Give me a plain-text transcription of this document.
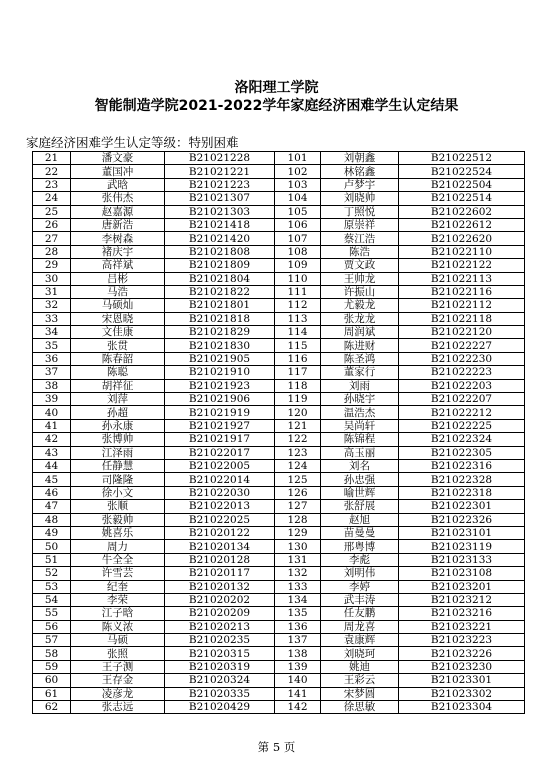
洛阳理工学院
智能制造学院2021-2022学年家庭经济困难学生认定结果
家庭经济困难学生认定等级：特别困难
21	潘文豪	B21021228	101	刘朝鑫	B21022512
22	董国冲	B21021221	102	林铭鑫	B21022524
23	武晗	B21021223	103	卢梦宇	B21022504
24	张伟杰	B21021307	104	刘晓帅	B21022514
25	赵嘉源	B21021303	105	丁照悦	B21022602
26	唐新浩	B21021418	106	原崇祥	B21022612
27	李树森	B21021420	107	蔡江浩	B21022620
28	褚庆宇	B21021808	108	陈浩	B21022110
29	高祥斌	B21021809	109	贾文政	B21022122
30	吕彬	B21021804	110	王帅龙	B21022113
31	马浩	B21021822	111	许振山	B21022116
32	马硕灿	B21021801	112	尤毅龙	B21022112
33	宋恩晓	B21021818	113	张龙龙	B21022118
34	文佳康	B21021829	114	周润斌	B21022120
35	张贯	B21021830	115	陈进财	B21022227
36	陈春韶	B21021905	116	陈圣鸿	B21022230
37	陈聪	B21021910	117	董家行	B21022223
38	胡祥征	B21021923	118	刘雨	B21022203
39	刘萍	B21021906	119	孙晓宇	B21022207
40	孙超	B21021919	120	温浩杰	B21022212
41	孙永康	B21021927	121	吴尚轩	B21022225
42	张博帅	B21021917	122	陈锦程	B21022324
43	江泽雨	B21022017	123	高玉丽	B21022305
44	任静慧	B21022005	124	刘名	B21022316
45	司隆隆	B21022014	125	孙忠强	B21022328
46	徐小文	B21022030	126	喻世辉	B21022318
47	张顺	B21022013	127	张舒展	B21022301
48	张毅帅	B21022025	128	赵旭	B21022326
49	姚喜乐	B21020122	129	苗曼曼	B21023101
50	周力	B21020134	130	邢粤博	B21023119
51	牛全全	B21020128	131	李彪	B21023133
52	许雪芸	B21020117	132	刘明伟	B21023108
53	纪奎	B21020132	133	李婷	B21023201
54	李荣	B21020202	134	武丰涛	B21023212
55	江子晗	B21020209	135	任友鹏	B21023216
56	陈义浓	B21020213	136	周龙喜	B21023221
57	马硕	B21020235	137	袁康辉	B21023223
58	张照	B21020315	138	刘晓珂	B21023226
59	王子测	B21020319	139	姚迪	B21023230
60	王存金	B21020324	140	王彩云	B21023301
61	凌彦龙	B21020335	141	宋梦圆	B21023302
62	张志远	B21020429	142	徐思敏	B21023304
第 5 页
